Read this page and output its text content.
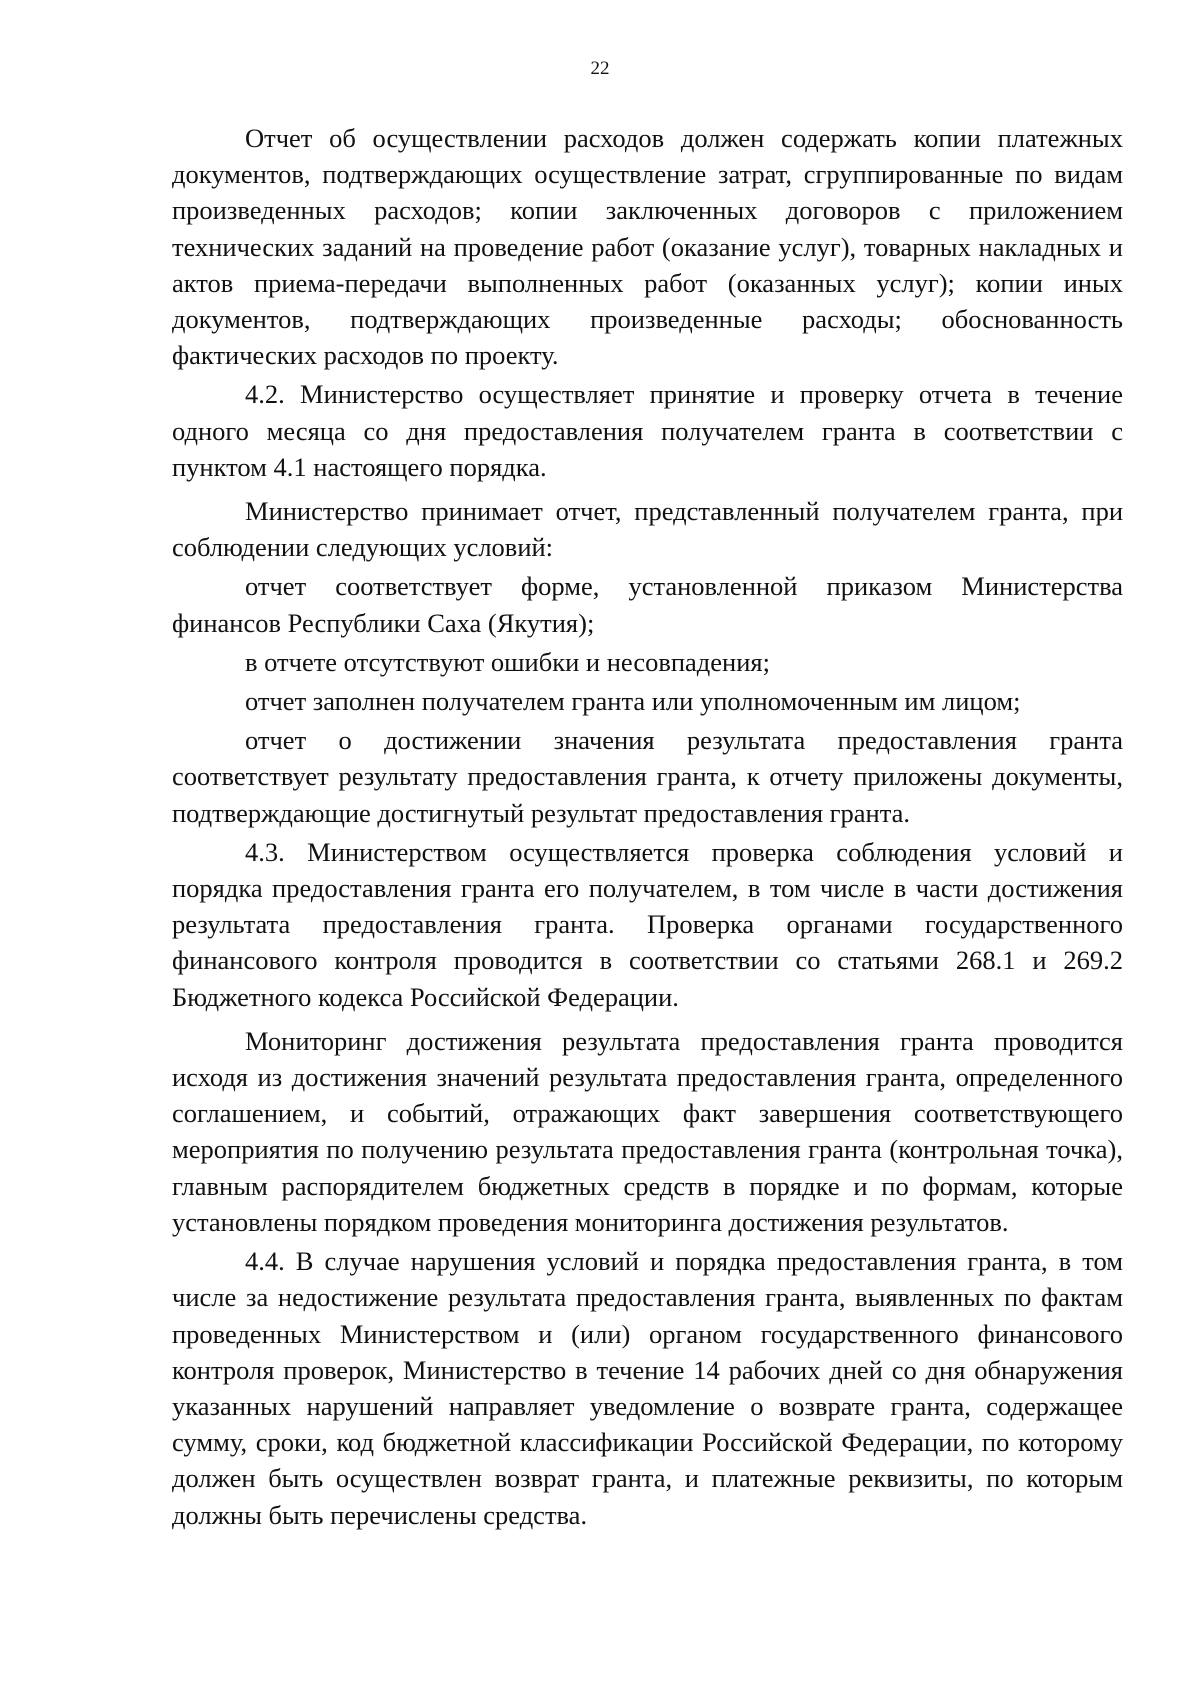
22

Отчет об осуществлении расходов должен содержать копии платежных документов, подтверждающих осуществление затрат, сгруппированные по видам произведенных расходов; копии заключенных договоров с приложением технических заданий на проведение работ (оказание услуг), товарных накладных и актов приема-передачи выполненных работ (оказанных услуг); копии иных документов, подтверждающих произведенные расходы; обоснованность фактических расходов по проекту.

4.2. Министерство осуществляет принятие и проверку отчета в течение одного месяца со дня предоставления получателем гранта в соответствии с пунктом 4.1 настоящего порядка.

Министерство принимает отчет, представленный получателем гранта, при соблюдении следующих условий:

отчет соответствует форме, установленной приказом Министерства финансов Республики Саха (Якутия);

в отчете отсутствуют ошибки и несовпадения;

отчет заполнен получателем гранта или уполномоченным им лицом;

отчет о достижении значения результата предоставления гранта соответствует результату предоставления гранта, к отчету приложены документы, подтверждающие достигнутый результат предоставления гранта.

4.3. Министерством осуществляется проверка соблюдения условий и порядка предоставления гранта его получателем, в том числе в части достижения результата предоставления гранта. Проверка органами государственного финансового контроля проводится в соответствии со статьями 268.1 и 269.2 Бюджетного кодекса Российской Федерации.

Мониторинг достижения результата предоставления гранта проводится исходя из достижения значений результата предоставления гранта, определенного соглашением, и событий, отражающих факт завершения соответствующего мероприятия по получению результата предоставления гранта (контрольная точка), главным распорядителем бюджетных средств в порядке и по формам, которые установлены порядком проведения мониторинга достижения результатов.

4.4. В случае нарушения условий и порядка предоставления гранта, в том числе за недостижение результата предоставления гранта, выявленных по фактам проведенных Министерством и (или) органом государственного финансового контроля проверок, Министерство в течение 14 рабочих дней со дня обнаружения указанных нарушений направляет уведомление о возврате гранта, содержащее сумму, сроки, код бюджетной классификации Российской Федерации, по которому должен быть осуществлен возврат гранта, и платежные реквизиты, по которым должны быть перечислены средства.
